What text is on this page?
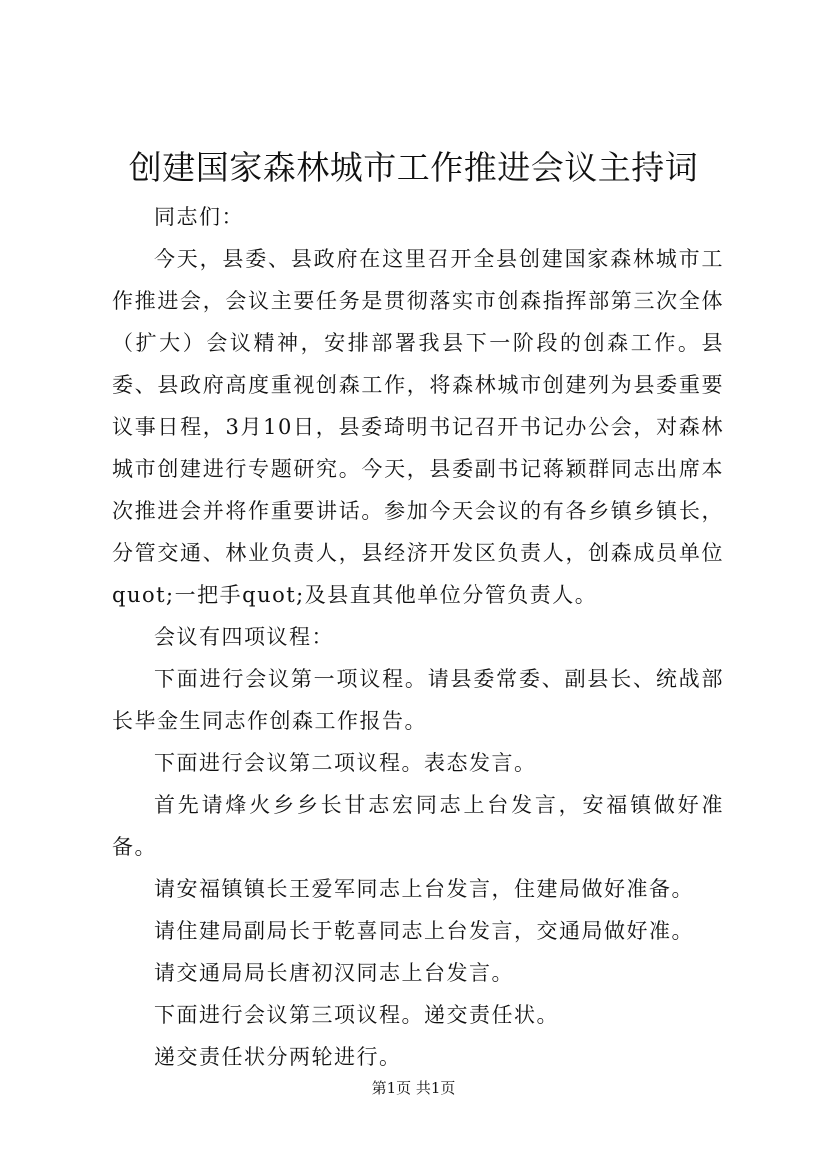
创建国家森林城市工作推进会议主持词

同志们：

今天，县委、县政府在这里召开全县创建国家森林城市工作推进会，会议主要任务是贯彻落实市创森指挥部第三次全体（扩大）会议精神，安排部署我县下一阶段的创森工作。县委、县政府高度重视创森工作，将森林城市创建列为县委重要议事日程，3月10日，县委琦明书记召开书记办公会，对森林城市创建进行专题研究。今天，县委副书记蒋颖群同志出席本次推进会并将作重要讲话。参加今天会议的有各乡镇乡镇长，分管交通、林业负责人，县经济开发区负责人，创森成员单位quot;一把手quot;及县直其他单位分管负责人。

会议有四项议程：

下面进行会议第一项议程。请县委常委、副县长、统战部长毕金生同志作创森工作报告。

下面进行会议第二项议程。表态发言。

首先请烽火乡乡长甘志宏同志上台发言，安福镇做好准备。

请安福镇镇长王爱军同志上台发言，住建局做好准备。

请住建局副局长于乾喜同志上台发言，交通局做好准。

请交通局局长唐初汉同志上台发言。

下面进行会议第三项议程。递交责任状。

递交责任状分两轮进行。

第1页 共1页
